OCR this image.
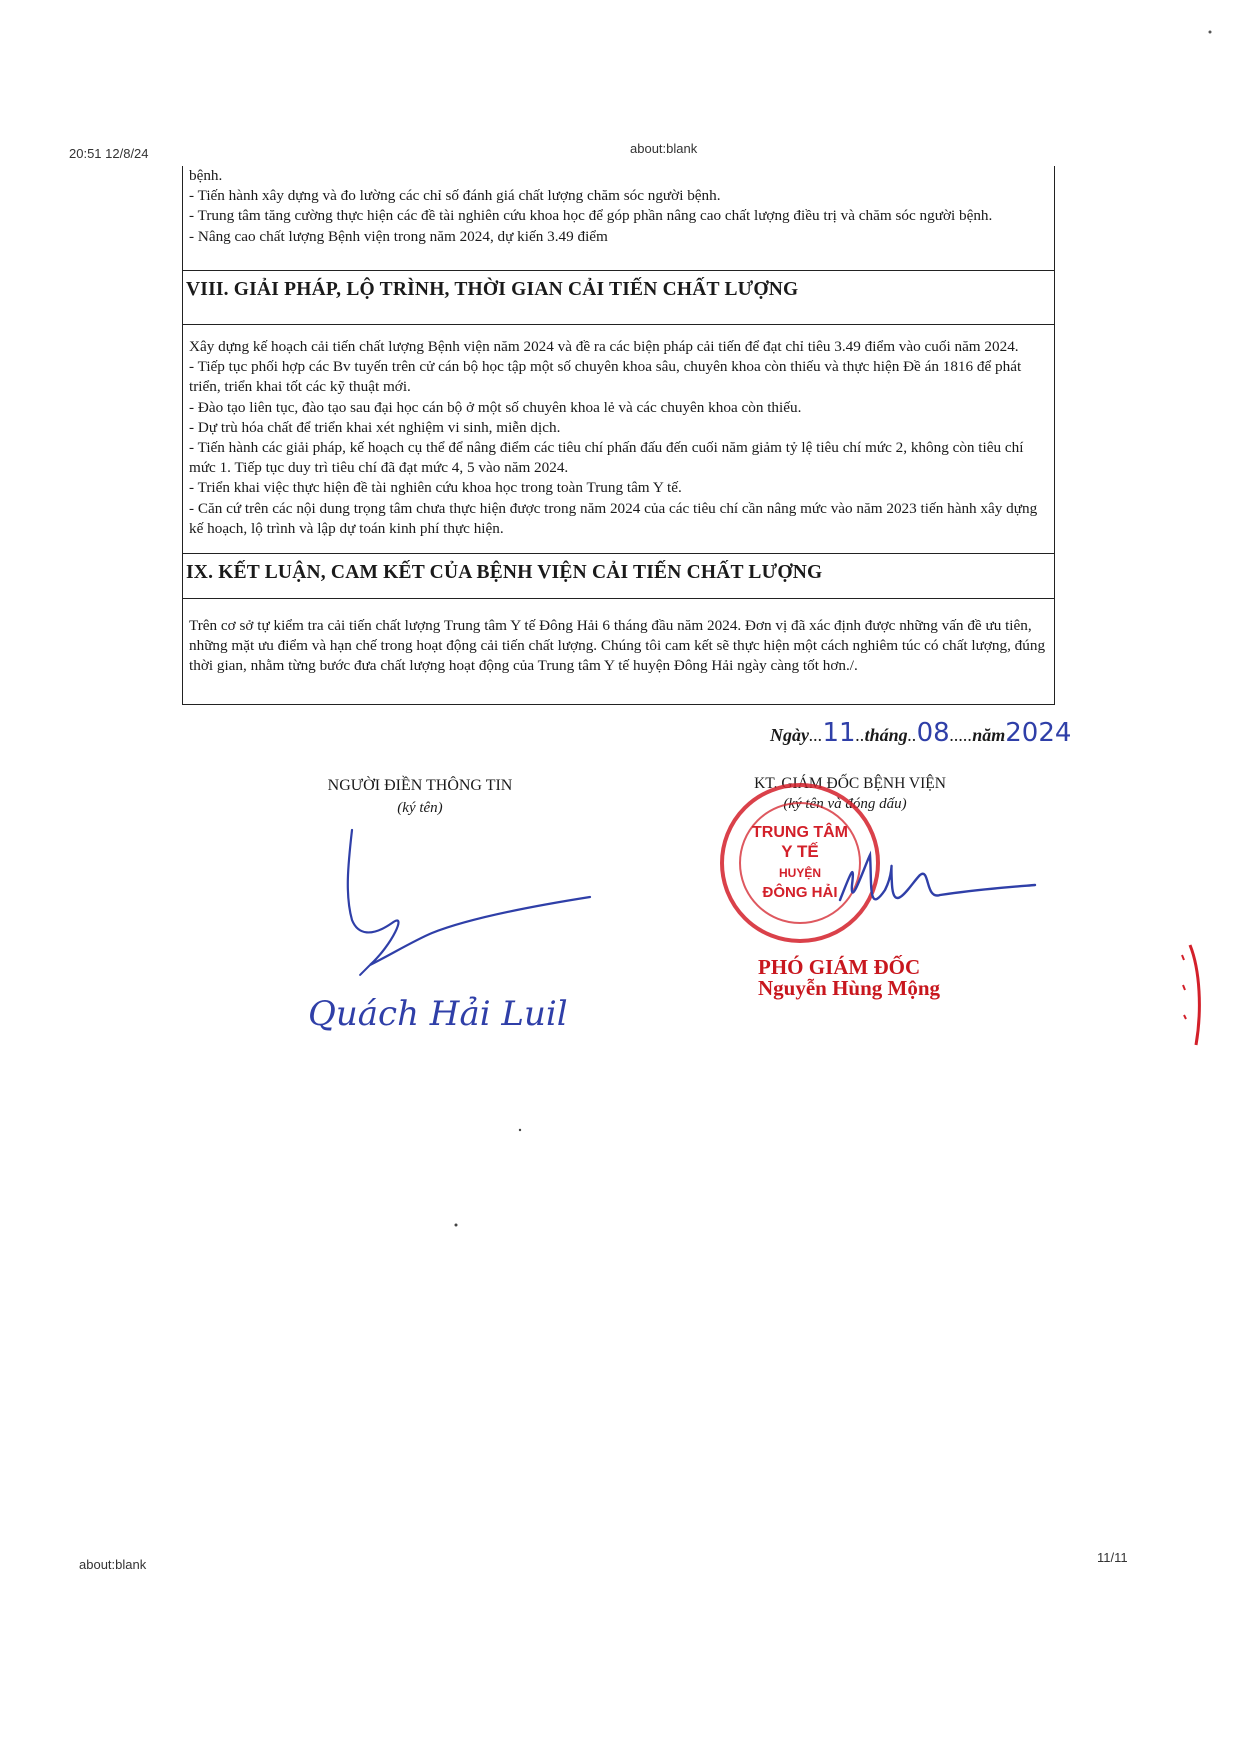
20:51 12/8/24	about:blank

bệnh.

- Tiến hành xây dựng và đo lường các chỉ số đánh giá chất lượng chăm sóc người bệnh.

- Trung tâm tăng cường thực hiện các đề tài nghiên cứu khoa học để góp phần nâng cao chất lượng điều trị và chăm sóc người bệnh.

- Nâng cao chất lượng Bệnh viện trong năm 2024, dự kiến 3.49 điểm

VIII. GIẢI PHÁP, LỘ TRÌNH, THỜI GIAN CẢI TIẾN CHẤT LƯỢNG

Xây dựng kế hoạch cải tiến chất lượng Bệnh viện năm 2024 và đề ra các biện pháp cải tiến để đạt chỉ tiêu 3.49 điểm vào cuối năm 2024.

- Tiếp tục phối hợp các Bv tuyến trên cử cán bộ học tập một số chuyên khoa sâu, chuyên khoa còn thiếu và thực hiện Đề án 1816 để phát triển, triển khai tốt các kỹ thuật mới.

- Đào tạo liên tục, đào tạo sau đại học cán bộ ở một số chuyên khoa lẻ và các chuyên khoa còn thiếu.

- Dự trù hóa chất để triển khai xét nghiệm vi sinh, miễn dịch.

- Tiến hành các giải pháp, kế hoạch cụ thể để nâng điểm các tiêu chí phấn đấu đến cuối năm giảm tỷ lệ tiêu chí mức 2, không còn tiêu chí mức 1. Tiếp tục duy trì tiêu chí đã đạt mức 4, 5 vào năm 2024.

- Triển khai việc thực hiện đề tài nghiên cứu khoa học trong toàn Trung tâm Y tế.

- Căn cứ trên các nội dung trọng tâm chưa thực hiện được trong năm 2024 của các tiêu chí cần nâng mức vào năm 2023 tiến hành xây dựng kế hoạch, lộ trình và lập dự toán kinh phí thực hiện.

IX. KẾT LUẬN, CAM KẾT CỦA BỆNH VIỆN CẢI TIẾN CHẤT LƯỢNG

Trên cơ sở tự kiểm tra cải tiến chất lượng Trung tâm Y tế Đông Hải 6 tháng đầu năm 2024. Đơn vị đã xác định được những vấn đề ưu tiên, những mặt ưu điểm và hạn chế trong hoạt động cải tiến chất lượng. Chúng tôi cam kết sẽ thực hiện một cách nghiêm túc có chất lượng, đúng thời gian, nhằm từng bước đưa chất lượng hoạt động của Trung tâm Y tế huyện Đông Hải ngày càng tốt hơn./.

Ngày...11..tháng..08.....năm2024
NGƯỜI ĐIỀN THÔNG TIN
(ký tên)
KT. GIÁM ĐỐC BỆNH VIỆN
(ký tên và đóng dấu)
Quách Hải Luil
TRUNG TÂM
Y TẾ
HUYỆN
ĐÔNG HẢI
PHÓ GIÁM ĐỐC
Nguyễn Hùng Mộng
about:blank	11/11
